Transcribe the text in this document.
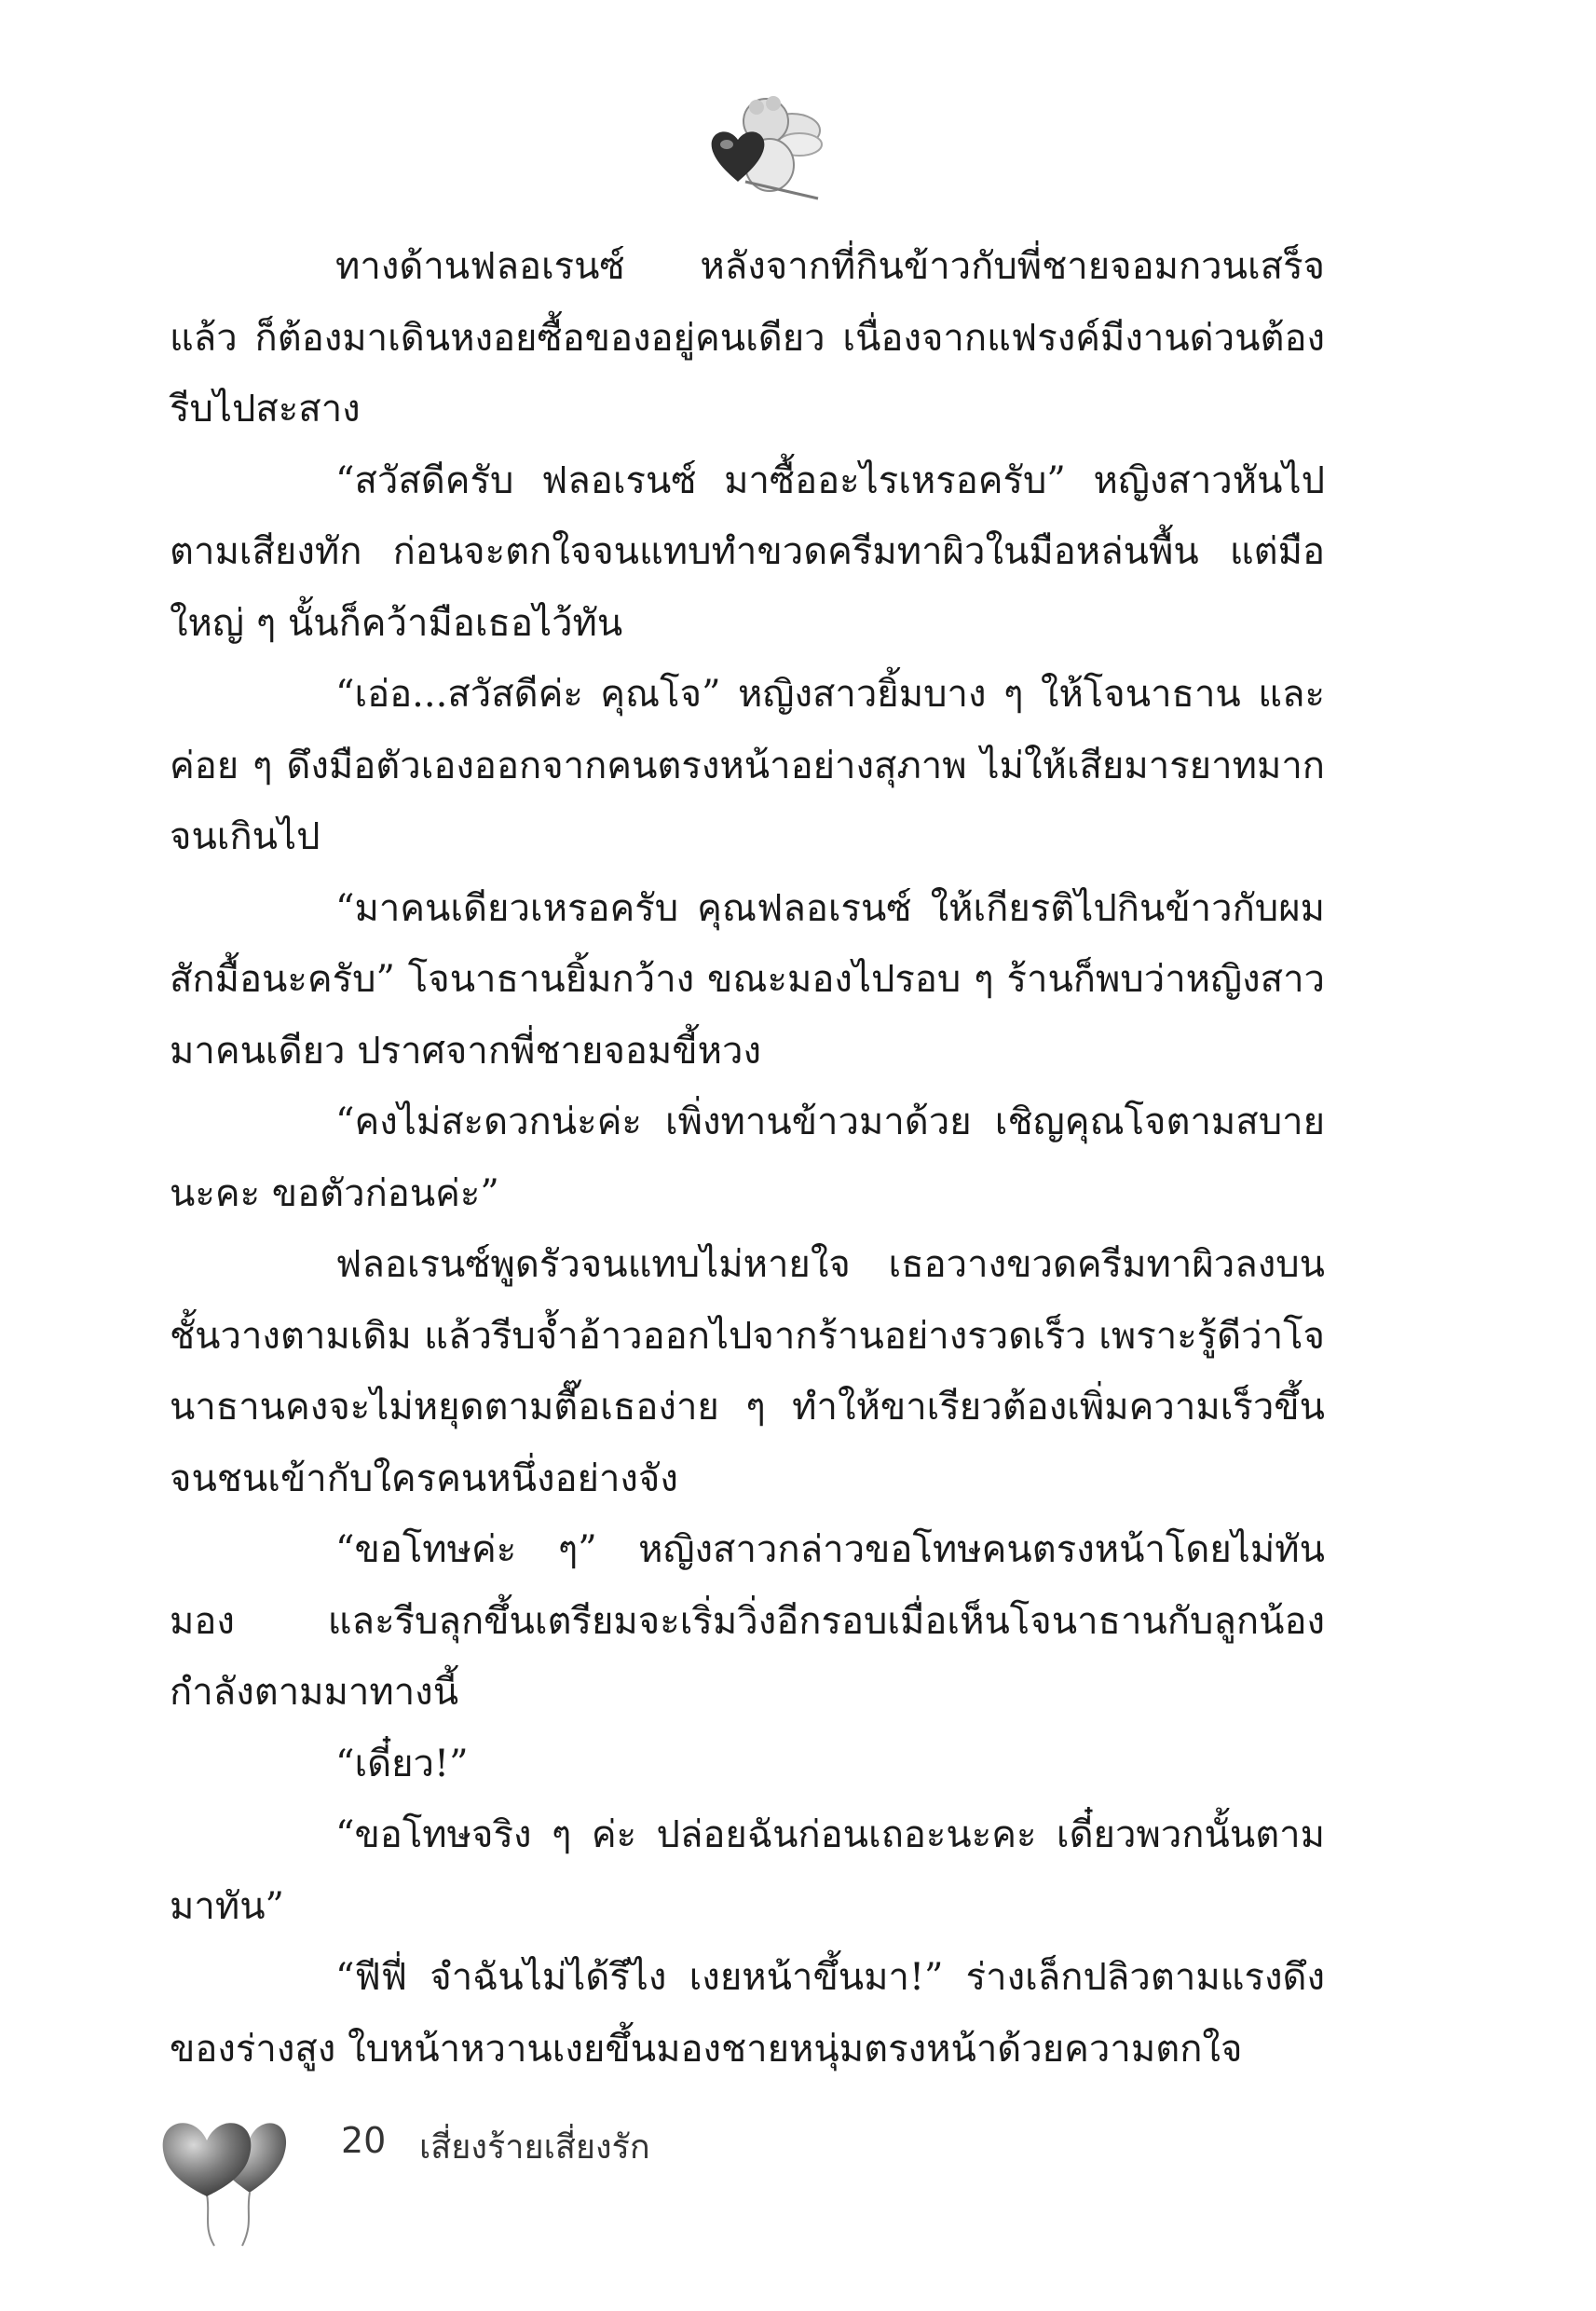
ทางด้านฟลอเรนซ์ หลังจากที่กินข้าวกับพี่ชายจอมกวนเสร็จแล้ว ก็ต้องมาเดินหงอยซื้อของอยู่คนเดียว เนื่องจากแฟรงค์มีงานด่วนต้องรีบไปสะสาง

“สวัสดีครับ ฟลอเรนซ์ มาซื้ออะไรเหรอครับ” หญิงสาวหันไปตามเสียงทัก ก่อนจะตกใจจนแทบทำขวดครีมทาผิวในมือหล่นพื้น แต่มือใหญ่ ๆ นั้นก็คว้ามือเธอไว้ทัน

“เอ่อ...สวัสดีค่ะ คุณโจ” หญิงสาวยิ้มบาง ๆ ให้โจนาธาน และค่อย ๆ ดึงมือตัวเองออกจากคนตรงหน้าอย่างสุภาพ ไม่ให้เสียมารยาทมากจนเกินไป

“มาคนเดียวเหรอครับ คุณฟลอเรนซ์ ให้เกียรติไปกินข้าวกับผมสักมื้อนะครับ” โจนาธานยิ้มกว้าง ขณะมองไปรอบ ๆ ร้านก็พบว่าหญิงสาวมาคนเดียว ปราศจากพี่ชายจอมขี้หวง

“คงไม่สะดวกน่ะค่ะ เพิ่งทานข้าวมาด้วย เชิญคุณโจตามสบายนะคะ ขอตัวก่อนค่ะ”

ฟลอเรนซ์พูดรัวจนแทบไม่หายใจ เธอวางขวดครีมทาผิวลงบนชั้นวางตามเดิม แล้วรีบจ้ำอ้าวออกไปจากร้านอย่างรวดเร็ว เพราะรู้ดีว่าโจนาธานคงจะไม่หยุดตามตื๊อเธอง่าย ๆ ทำให้ขาเรียวต้องเพิ่มความเร็วขึ้นจนชนเข้ากับใครคนหนึ่งอย่างจัง

“ขอโทษค่ะ ๆ” หญิงสาวกล่าวขอโทษคนตรงหน้าโดยไม่ทันมอง และรีบลุกขึ้นเตรียมจะเริ่มวิ่งอีกรอบเมื่อเห็นโจนาธานกับลูกน้องกำลังตามมาทางนี้

“เดี๋ยว!”

“ขอโทษจริง ๆ ค่ะ ปล่อยฉันก่อนเถอะนะคะ เดี๋ยวพวกนั้นตามมาทัน”

“ฟีฟี่ จำฉันไม่ได้รึไง เงยหน้าขึ้นมา!” ร่างเล็กปลิวตามแรงดึงของร่างสูง ใบหน้าหวานเงยขึ้นมองชายหนุ่มตรงหน้าด้วยความตกใจ

20 เสี่ยงร้ายเสี่ยงรัก
